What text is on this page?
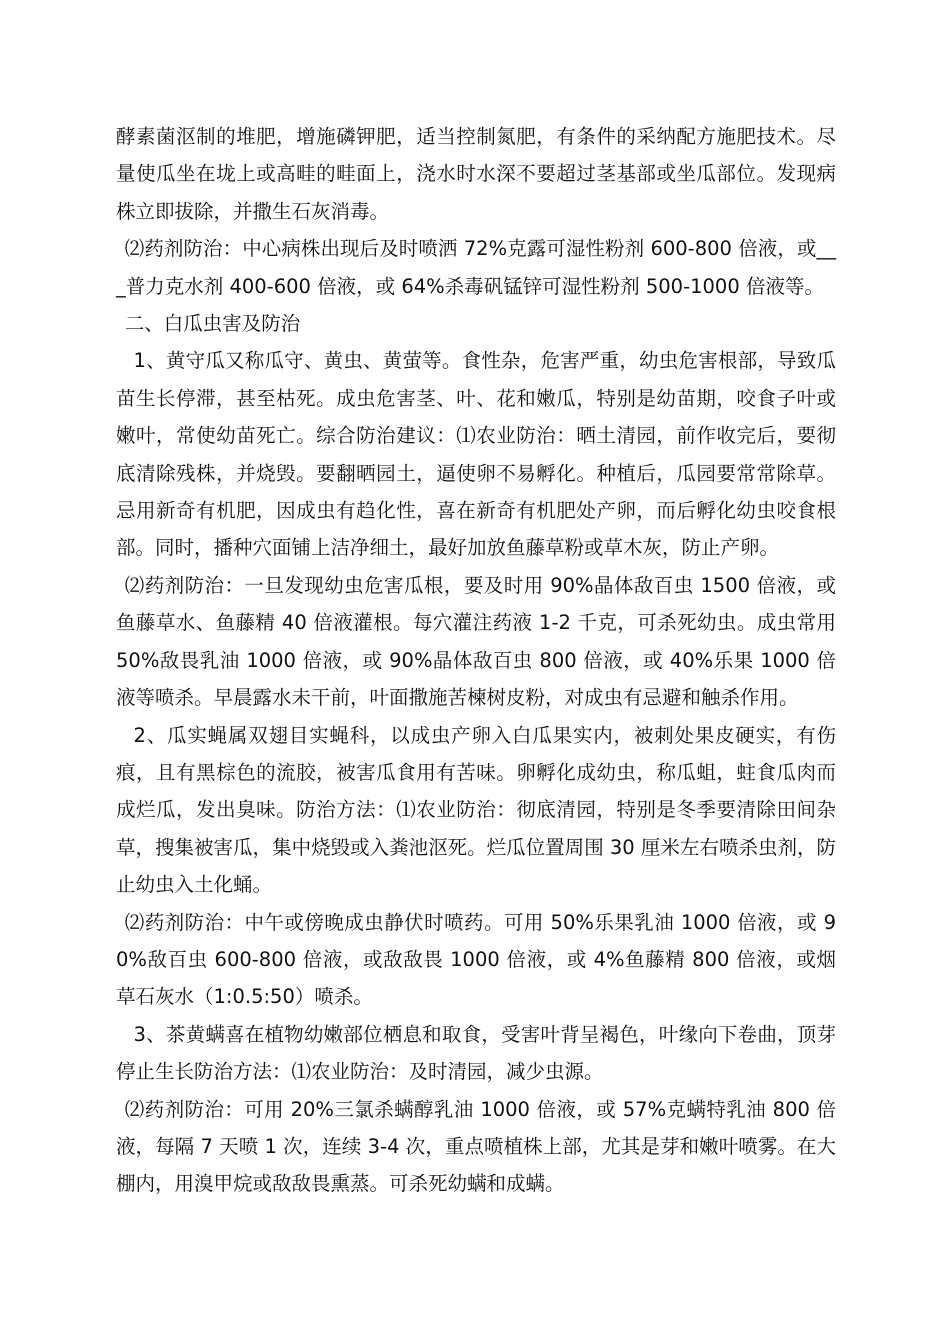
酵素菌沤制的堆肥，增施磷钾肥，适当控制氮肥，有条件的采纳配方施肥技术。尽量使瓜坐在垅上或高畦的畦面上，浇水时水深不要超过茎基部或坐瓜部位。发现病株立即拔除，并撒生石灰消毒。

⑵药剂防治：中心病株出现后及时喷洒 72%克露可湿性粉剂 600-800 倍液，或___普力克水剂 400-600 倍液，或 64%杀毒矾锰锌可湿性粉剂 500-1000 倍液等。

二、白瓜虫害及防治

1、黄守瓜又称瓜守、黄虫、黄萤等。食性杂，危害严重，幼虫危害根部，导致瓜苗生长停滞，甚至枯死。成虫危害茎、叶、花和嫩瓜，特别是幼苗期，咬食子叶或嫩叶，常使幼苗死亡。综合防治建议：⑴农业防治：晒土清园，前作收完后，要彻底清除残株，并烧毁。要翻晒园土，逼使卵不易孵化。种植后，瓜园要常常除草。忌用新奇有机肥，因成虫有趋化性，喜在新奇有机肥处产卵，而后孵化幼虫咬食根部。同时，播种穴面铺上洁净细土，最好加放鱼藤草粉或草木灰，防止产卵。

⑵药剂防治：一旦发现幼虫危害瓜根，要及时用 90%晶体敌百虫 1500 倍液，或鱼藤草水、鱼藤精 40 倍液灌根。每穴灌注药液 1-2 千克，可杀死幼虫。成虫常用 50%敌畏乳油 1000 倍液，或 90%晶体敌百虫 800 倍液，或 40%乐果 1000 倍液等喷杀。早晨露水未干前，叶面撒施苦楝树皮粉，对成虫有忌避和触杀作用。

2、瓜实蝇属双翅目实蝇科，以成虫产卵入白瓜果实内，被刺处果皮硬实，有伤痕，且有黑棕色的流胶，被害瓜食用有苦味。卵孵化成幼虫，称瓜蛆，蛀食瓜肉而成烂瓜，发出臭味。防治方法：⑴农业防治：彻底清园，特别是冬季要清除田间杂草，搜集被害瓜，集中烧毁或入粪池沤死。烂瓜位置周围 30 厘米左右喷杀虫剂，防止幼虫入土化蛹。

⑵药剂防治：中午或傍晚成虫静伏时喷药。可用 50%乐果乳油 1000 倍液，或 90%敌百虫 600-800 倍液，或敌敌畏 1000 倍液，或 4%鱼藤精 800 倍液，或烟草石灰水（1:0.5:50）喷杀。

3、茶黄螨喜在植物幼嫩部位栖息和取食，受害叶背呈褐色，叶缘向下卷曲，顶芽停止生长防治方法：⑴农业防治：及时清园，减少虫源。

⑵药剂防治：可用 20%三氯杀螨醇乳油 1000 倍液，或 57%克螨特乳油 800 倍液，每隔 7 天喷 1 次，连续 3-4 次，重点喷植株上部，尤其是芽和嫩叶喷雾。在大棚内，用溴甲烷或敌敌畏熏蒸。可杀死幼螨和成螨。
